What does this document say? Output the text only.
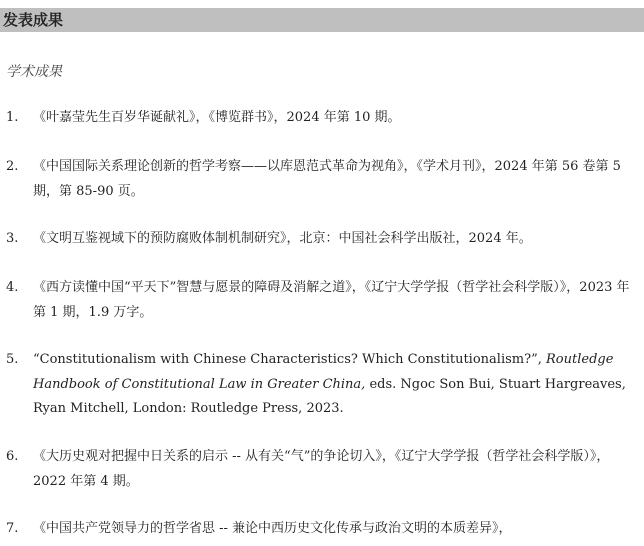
发表成果
学术成果
1.	《叶嘉莹先生百岁华诞献礼》，《博览群书》，2024 年第 10 期。
2.	《中国国际关系理论创新的哲学考察——以库恩范式革命为视角》，《学术月刊》，2024 年第 56 卷第 5 期，第 85-90 页。
3.	《文明互鉴视域下的预防腐败体制机制研究》，北京：中国社会科学出版社，2024 年。
4.	《西方读懂中国“平天下”智慧与愿景的障碍及消解之道》，《辽宁大学学报（哲学社会科学版）》，2023 年第 1 期，1.9 万字。
5.	“Constitutionalism with Chinese Characteristics? Which Constitutionalism?”, Routledge Handbook of Constitutional Law in Greater China, eds. Ngoc Son Bui, Stuart Hargreaves, Ryan Mitchell, London: Routledge Press, 2023.
6.	《大历史观对把握中日关系的启示 -- 从有关“气”的争论切入》，《辽宁大学学报（哲学社会科学版）》，2022 年第 4 期。
7.	《中国共产党领导力的哲学省思 -- 兼论中西历史文化传承与政治文明的本质差异》，
